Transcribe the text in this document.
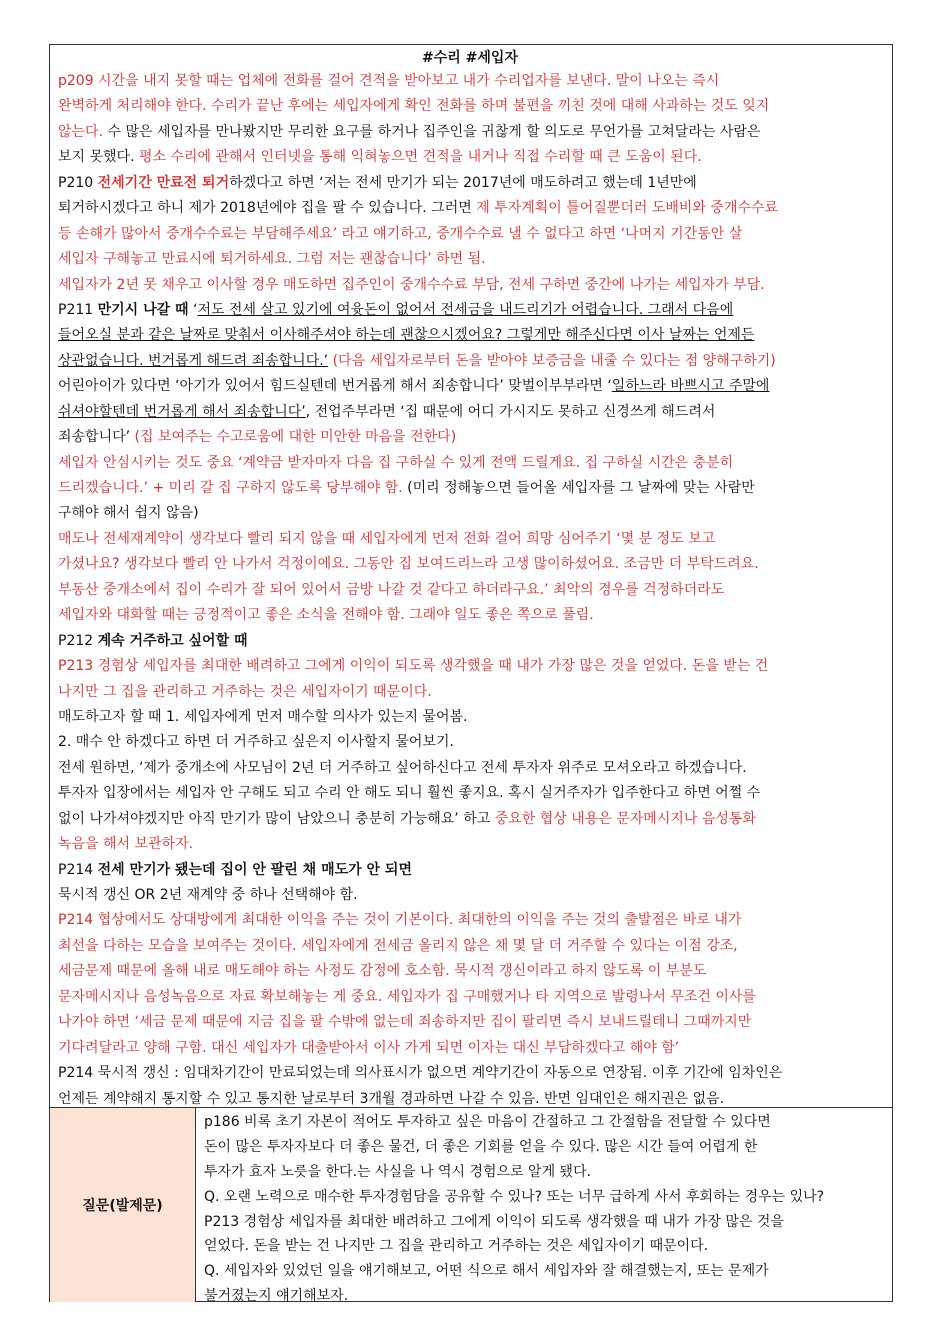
#수리 #세입자
p209 시간을 내지 못할 때는 업체에 전화를 걸어 견적을 받아보고 내가 수리업자를 보낸다. 말이 나오는 즉시
완벽하게 처리해야 한다. 수리가 끝난 후에는 세입자에게 확인 전화를 하며 불편을 끼친 것에 대해 사과하는 것도 잊지
않는다. 수 많은 세입자를 만나봤지만 무리한 요구를 하거나 집주인을 귀찮게 할 의도로 무언가를 고쳐달라는 사람은
보지 못했다. 평소 수리에 관해서 인터넷을 통해 익혀놓으면 견적을 내거나 직접 수리할 때 큰 도움이 된다.
P210 전세기간 만료전 퇴거하겠다고 하면 ‘저는 전세 만기가 되는 2017년에 매도하려고 했는데 1년만에
퇴거하시겠다고 하니 제가 2018년에야 집을 팔 수 있습니다. 그러면 제 투자계획이 틀어질뿐더러 도배비와 중개수수료
등 손해가 많아서 중개수수료는 부담해주세요’ 라고 얘기하고, 중개수수료 낼 수 없다고 하면 ‘나머지 기간동안 살
세입자 구해놓고 만료시에 퇴거하세요. 그럼 저는 괜찮습니다’ 하면 됨.
세입자가 2년 못 채우고 이사할 경우 매도하면 집주인이 중개수수료 부담, 전세 구하면 중간에 나가는 세입자가 부담.
P211 만기시 나갈 때 ‘저도 전세 살고 있기에 여윳돈이 없어서 전세금을 내드리기가 어렵습니다. 그래서 다음에
들어오실 분과 같은 날짜로 맞춰서 이사해주셔야 하는데 괜찮으시겠어요? 그렇게만 해주신다면 이사 날짜는 언제든
상관없습니다. 번거롭게 해드려 죄송합니다.’ (다음 세입자로부터 돈을 받아야 보증금을 내줄 수 있다는 점 양해구하기)
어린아이가 있다면 ‘아기가 있어서 힘드실텐데 번거롭게 해서 죄송합니다’ 맞벌이부부라면 ‘일하느라 바쁘시고 주말에
쉬셔야할텐데 번거롭게 해서 죄송합니다’, 전업주부라면 ‘집 때문에 어디 가시지도 못하고 신경쓰게 해드려서
죄송합니다’ (집 보여주는 수고로움에 대한 미안한 마음을 전한다)
세입자 안심시키는 것도 중요 ‘계약금 받자마자 다음 집 구하실 수 있게 전액 드릴게요. 집 구하실 시간은 충분히
드리겠습니다.’ + 미리 갈 집 구하지 않도록 당부해야 함. (미리 정해놓으면 들어올 세입자를 그 날짜에 맞는 사람만
구해야 해서 쉽지 않음)
매도나 전세재계약이 생각보다 빨리 되지 않을 때 세입자에게 먼저 전화 걸어 희망 심어주기 ‘몇 분 정도 보고
가셨나요? 생각보다 빨리 안 나가서 걱정이에요. 그동안 집 보여드리느라 고생 많이하셨어요. 조금만 더 부탁드려요.
부동산 중개소에서 집이 수리가 잘 되어 있어서 금방 나갈 것 같다고 하더라구요.’ 최악의 경우를 걱정하더라도
세입자와 대화할 때는 긍정적이고 좋은 소식을 전해야 함. 그래야 일도 좋은 쪽으로 풀림.
P212 계속 거주하고 싶어할 때
P213 경험상 세입자를 최대한 배려하고 그에게 이익이 되도록 생각했을 때 내가 가장 많은 것을 얻었다. 돈을 받는 건
나지만 그 집을 관리하고 거주하는 것은 세입자이기 때문이다.
매도하고자 할 때 1. 세입자에게 먼저 매수할 의사가 있는지 물어봄.
2. 매수 안 하겠다고 하면 더 거주하고 싶은지 이사할지 물어보기.
전세 원하면, ‘제가 중개소에 사모님이 2년 더 거주하고 싶어하신다고 전세 투자자 위주로 모셔오라고 하겠습니다.
투자자 입장에서는 세입자 안 구해도 되고 수리 안 해도 되니 훨씬 좋지요. 혹시 실거주자가 입주한다고 하면 어쩔 수
없이 나가셔야겠지만 아직 만기가 많이 남았으니 충분히 가능해요’ 하고 중요한 협상 내용은 문자메시지나 음성통화
녹음을 해서 보관하자.
P214 전세 만기가 됐는데 집이 안 팔린 채 매도가 안 되면
묵시적 갱신 OR 2년 재계약 중 하나 선택해야 함.
P214 협상에서도 상대방에게 최대한 이익을 주는 것이 기본이다. 최대한의 이익을 주는 것의 출발점은 바로 내가
최선을 다하는 모습을 보여주는 것이다. 세입자에게 전세금 올리지 않은 채 몇 달 더 거주할 수 있다는 이점 강조,
세금문제 때문에 올해 내로 매도해야 하는 사정도 감정에 호소함. 묵시적 갱신이라고 하지 않도록 이 부분도
문자메시지나 음성녹음으로 자료 확보해놓는 게 중요. 세입자가 집 구매했거나 타 지역으로 발령나서 무조건 이사를
나가야 하면 ‘세금 문제 때문에 지금 집을 팔 수밖에 없는데 죄송하지만 집이 팔리면 즉시 보내드릴테니 그때까지만
기다려달라고 양해 구함. 대신 세입자가 대출받아서 이사 가게 되면 이자는 대신 부담하겠다고 해야 함’
P214 묵시적 갱신 : 임대차기간이 만료되었는데 의사표시가 없으면 계약기간이 자동으로 연장됨. 이후 기간에 임차인은
언제든 계약해지 통지할 수 있고 통지한 날로부터 3개월 경과하면 나갈 수 있음. 반면 임대인은 해지권은 없음.
질문(발제문)
p186 비록 초기 자본이 적어도 투자하고 싶은 마음이 간절하고 그 간절함을 전달할 수 있다면
돈이 많은 투자자보다 더 좋은 물건, 더 좋은 기회를 얻을 수 있다. 많은 시간 들여 어렵게 한
투자가 효자 노릇을 한다.는 사실을 나 역시 경험으로 알게 됐다.
Q. 오랜 노력으로 매수한 투자경험담을 공유할 수 있나? 또는 너무 급하게 사서 후회하는 경우는 있나?
P213 경험상 세입자를 최대한 배려하고 그에게 이익이 되도록 생각했을 때 내가 가장 많은 것을
얻었다. 돈을 받는 건 나지만 그 집을 관리하고 거주하는 것은 세입자이기 때문이다.
Q. 세입자와 있었던 일을 얘기해보고, 어떤 식으로 해서 세입자와 잘 해결했는지, 또는 문제가
불거졌는지 얘기해보자.
